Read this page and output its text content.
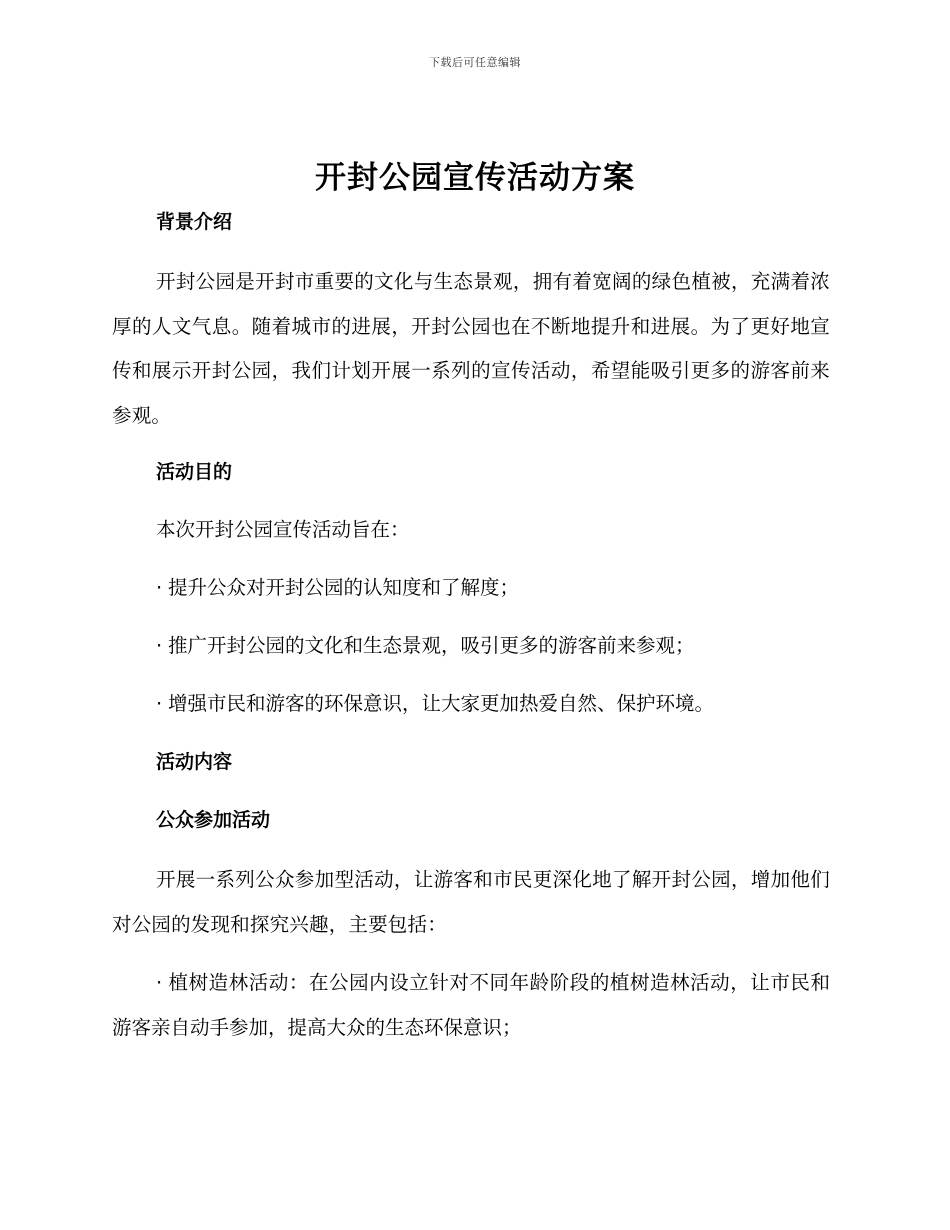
下载后可任意编辑
开封公园宣传活动方案
背景介绍

开封公园是开封市重要的文化与生态景观，拥有着宽阔的绿色植被，充满着浓厚的人文气息。随着城市的进展，开封公园也在不断地提升和进展。为了更好地宣传和展示开封公园，我们计划开展一系列的宣传活动，希望能吸引更多的游客前来参观。

活动目的
本次开封公园宣传活动旨在：
· 提升公众对开封公园的认知度和了解度；
· 推广开封公园的文化和生态景观，吸引更多的游客前来参观；
· 增强市民和游客的环保意识，让大家更加热爱自然、保护环境。
活动内容
公众参加活动

开展一系列公众参加型活动，让游客和市民更深化地了解开封公园，增加他们对公园的发现和探究兴趣，主要包括：

· 植树造林活动：在公园内设立针对不同年龄阶段的植树造林活动，让市民和游客亲自动手参加，提高大众的生态环保意识；
